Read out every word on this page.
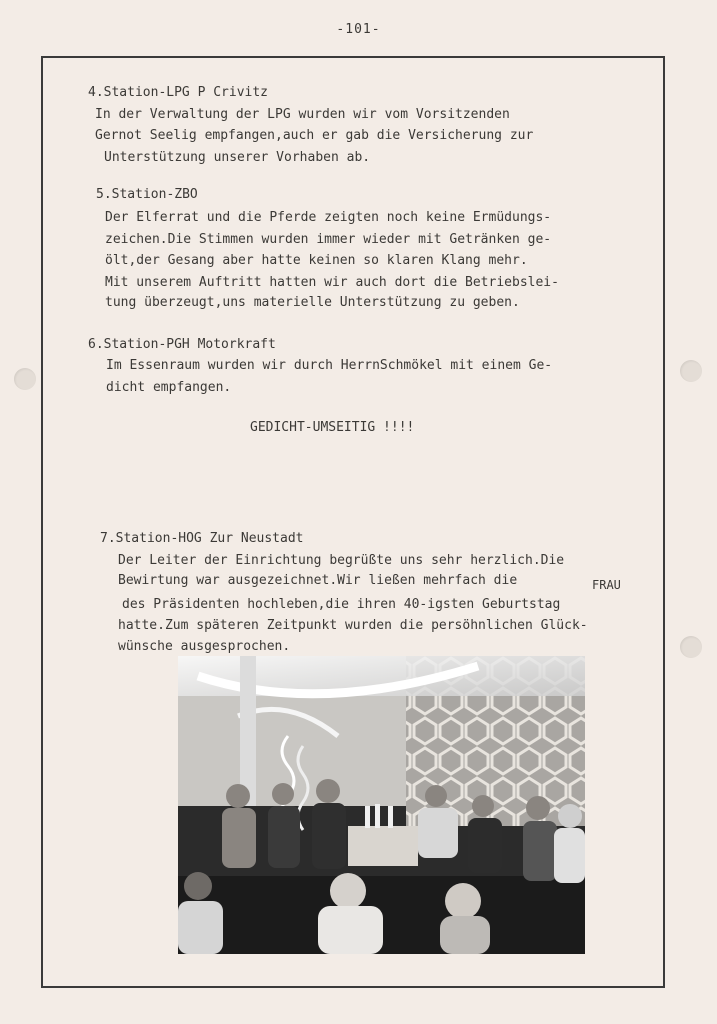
-101-
4.Station-LPG P Crivitz
In der Verwaltung der LPG wurden wir vom Vorsitzenden
Gernot Seelig empfangen,auch er gab die Versicherung zur
Unterstützung unserer Vorhaben ab.
5.Station-ZBO
Der Elferrat und die Pferde zeigten noch keine Ermüdungs-
zeichen.Die Stimmen wurden immer wieder mit Getränken ge-
ölt,der Gesang aber hatte keinen so klaren Klang mehr.
Mit unserem Auftritt hatten wir auch dort die Betriebslei-
tung überzeugt,uns materielle Unterstützung zu geben.
6.Station-PGH Motorkraft
Im Essenraum wurden wir durch HerrnSchmökel mit einem Ge-
dicht empfangen.
GEDICHT-UMSEITIG !!!!
7.Station-HOG Zur Neustadt
Der Leiter der Einrichtung begrüßte uns sehr herzlich.Die
Bewirtung war ausgezeichnet.Wir ließen mehrfach die	FRAU
des Präsidenten hochleben,die ihren 40-igsten Geburtstag
hatte.Zum späteren Zeitpunkt wurden die persöhnlichen Glück-
wünsche ausgesprochen.
